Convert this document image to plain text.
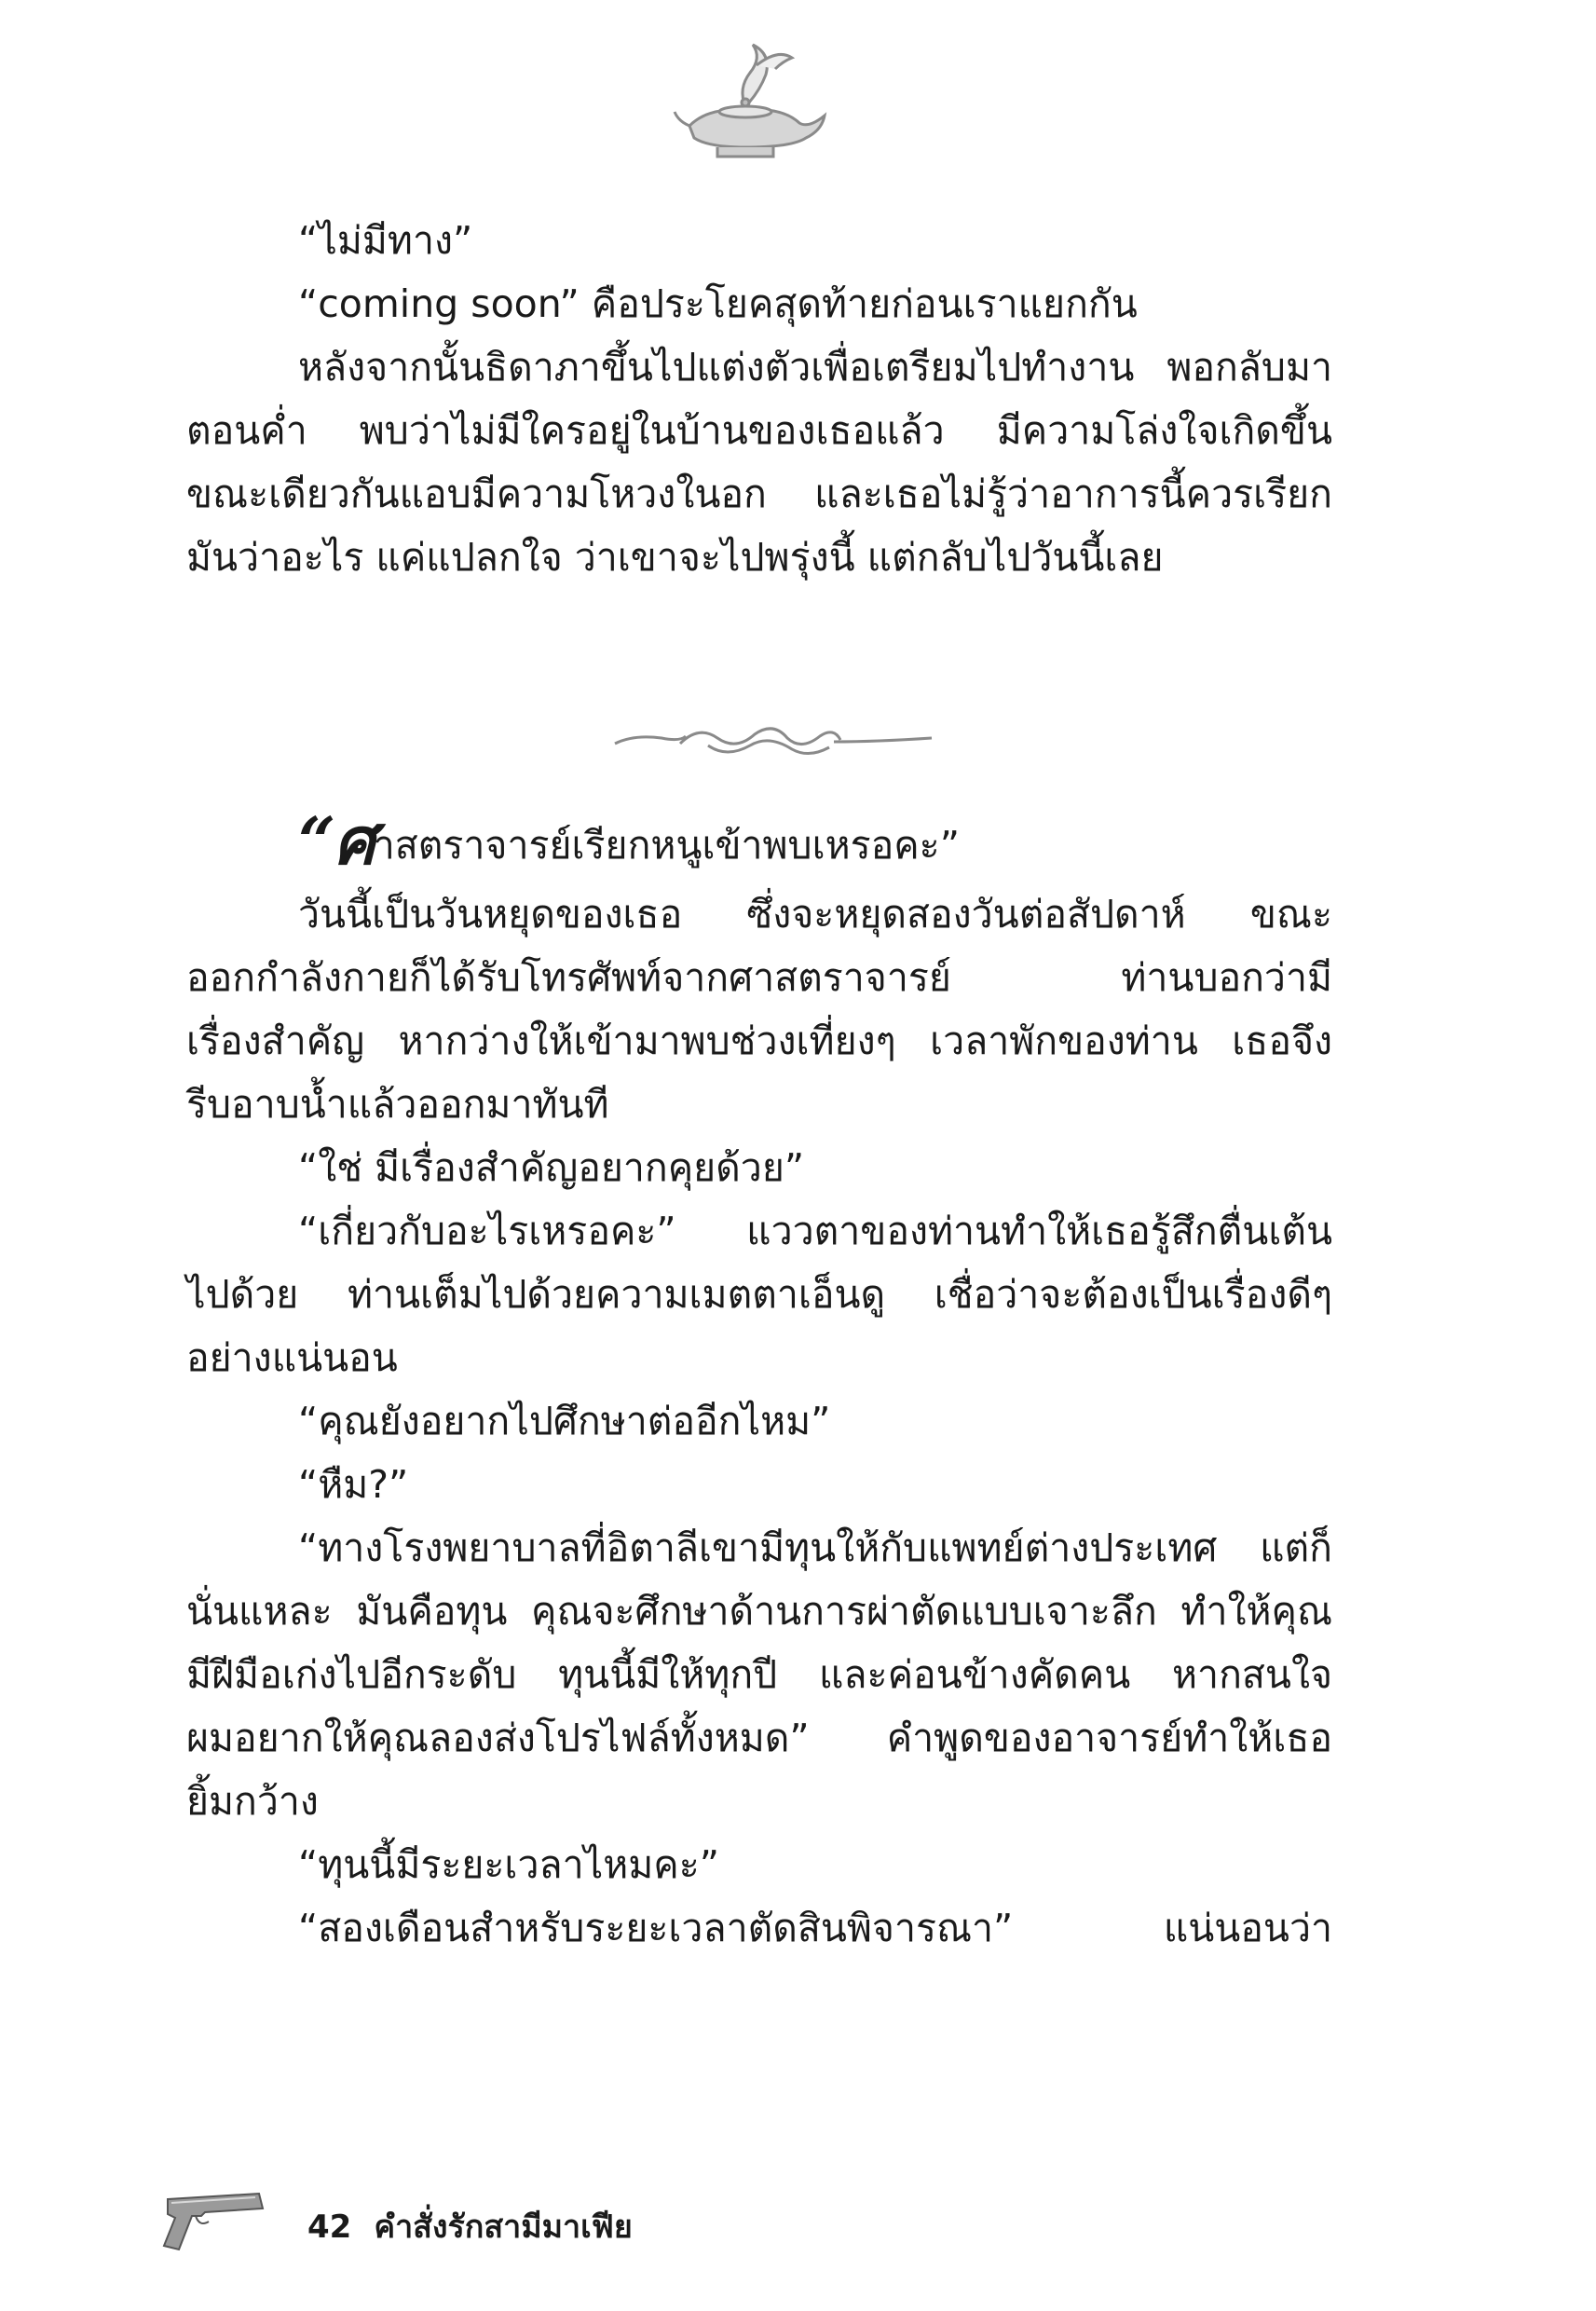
“ไม่มีทาง”
“coming soon” คือประโยคสุดท้ายก่อนเราแยกกัน
หลังจากนั้นธิดาภาขึ้นไปแต่งตัวเพื่อเตรียมไปทำงาน พอกลับมา
ตอนค่ำ พบว่าไม่มีใครอยู่ในบ้านของเธอแล้ว มีความโล่งใจเกิดขึ้น
ขณะเดียวกันแอบมีความโหวงในอก และเธอไม่รู้ว่าอาการนี้ควรเรียก
มันว่าอะไร แค่แปลกใจ ว่าเขาจะไปพรุ่งนี้ แต่กลับไปวันนี้เลย
“ศาสตราจารย์เรียกหนูเข้าพบเหรอคะ”
วันนี้เป็นวันหยุดของเธอ ซึ่งจะหยุดสองวันต่อสัปดาห์ ขณะ
ออกกำลังกายก็ได้รับโทรศัพท์จากศาสตราจารย์ ท่านบอกว่ามี
เรื่องสำคัญ หากว่างให้เข้ามาพบช่วงเที่ยงๆ เวลาพักของท่าน เธอจึง
รีบอาบน้ำแล้วออกมาทันที
“ใช่ มีเรื่องสำคัญอยากคุยด้วย”
“เกี่ยวกับอะไรเหรอคะ” แววตาของท่านทำให้เธอรู้สึกตื่นเต้น
ไปด้วย ท่านเต็มไปด้วยความเมตตาเอ็นดู เชื่อว่าจะต้องเป็นเรื่องดีๆ
อย่างแน่นอน
“คุณยังอยากไปศึกษาต่ออีกไหม”
“หืม?”
“ทางโรงพยาบาลที่อิตาลีเขามีทุนให้กับแพทย์ต่างประเทศ แต่ก็
นั่นแหละ มันคือทุน คุณจะศึกษาด้านการผ่าตัดแบบเจาะลึก ทำให้คุณ
มีฝีมือเก่งไปอีกระดับ ทุนนี้มีให้ทุกปี และค่อนข้างคัดคน หากสนใจ
ผมอยากให้คุณลองส่งโปรไฟล์ทั้งหมด” คำพูดของอาจารย์ทำให้เธอ
ยิ้มกว้าง
“ทุนนี้มีระยะเวลาไหมคะ”
“สองเดือนสำหรับระยะเวลาตัดสินพิจารณา” แน่นอนว่า
42 คำสั่งรักสามีมาเฟีย
